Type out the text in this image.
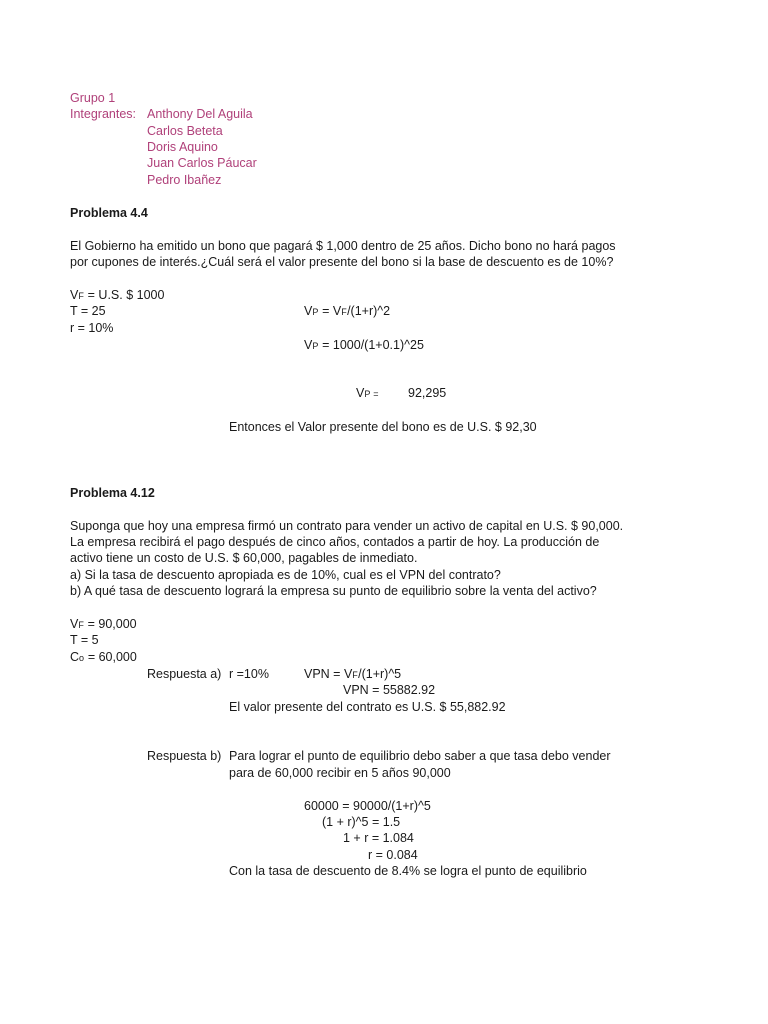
Grupo 1
Integrantes: Anthony Del Aguila
Carlos Beteta
Doris Aquino
Juan Carlos Páucar
Pedro Ibañez
Problema 4.4
El Gobierno ha emitido un bono que pagará $ 1,000 dentro de 25 años. Dicho bono no hará pagos
por cupones de interés.¿Cuál será el valor presente del bono si la base de descuento es de 10%?
VF = U.S. $ 1000
T = 25
r = 10%
VP = VF/(1+r)^2
VP = 1000/(1+0.1)^25
VP = 92,295
Entonces el Valor presente del bono es de U.S. $ 92,30
Problema 4.12
Suponga que hoy una empresa firmó un contrato para vender un activo de capital en U.S. $ 90,000.
La empresa recibirá el pago después de cinco años, contados a partir de hoy. La producción de
activo tiene un costo de U.S. $ 60,000, pagables de inmediato.
a) Si la tasa de descuento apropiada es de 10%, cual es el VPN del contrato?
b) A qué tasa de descuento logrará la empresa su punto de equilibrio sobre la venta del activo?
VF = 90,000
T = 5
Co = 60,000
Respuesta a) r =10%	VPN = VF/(1+r)^5
VPN = 55882.92
El valor presente del contrato es U.S. $ 55,882.92
Respuesta b) Para lograr el punto de equilibrio debo saber a que tasa debo vender
para de 60,000 recibir en 5 años 90,000
60000 = 90000/(1+r)^5
(1 + r)^5 = 1.5
1 + r = 1.084
r = 0.084
Con la tasa de descuento de 8.4% se logra el punto de equilibrio
